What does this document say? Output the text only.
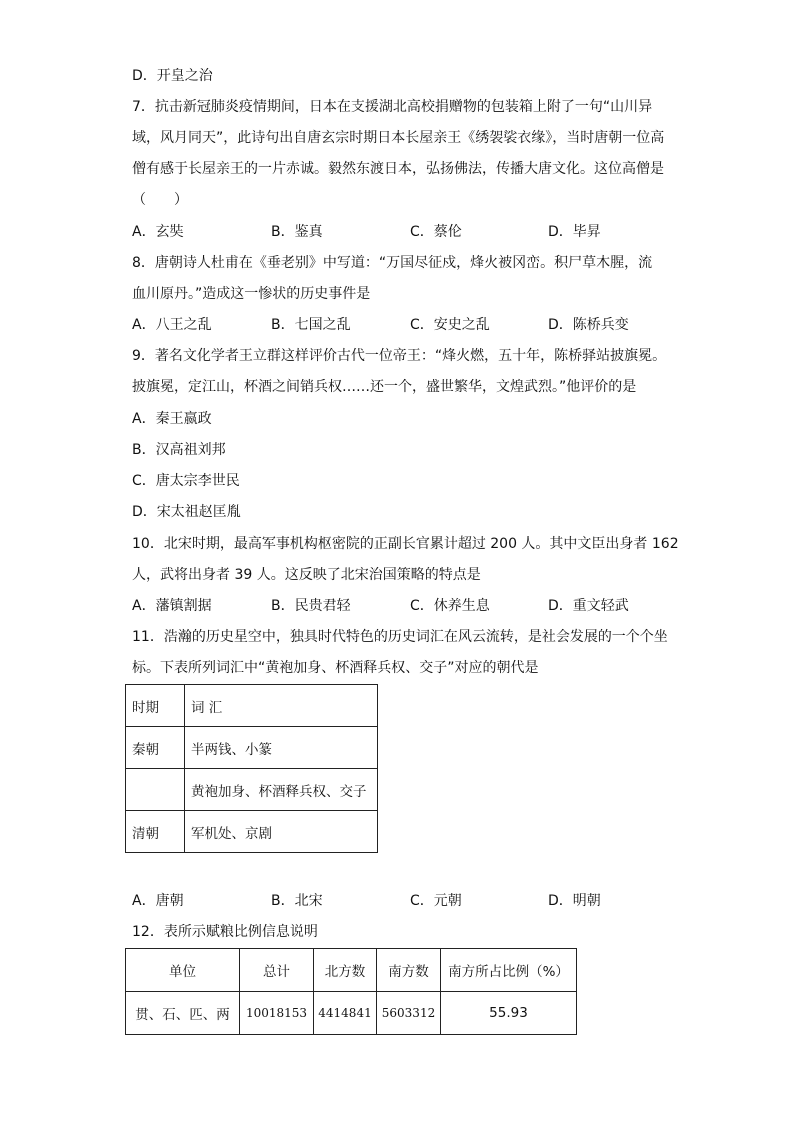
D．开皇之治
7．抗击新冠肺炎疫情期间，日本在支援湖北高校捐赠物的包装箱上附了一句“山川异
域，风月同天”，此诗句出自唐玄宗时期日本长屋亲王《绣袈裟衣缘》，当时唐朝一位高
僧有感于长屋亲王的一片赤诚。毅然东渡日本，弘扬佛法，传播大唐文化。这位高僧是
（　　）
A．玄奘	B．鉴真	C．蔡伦	D．毕昇
8．唐朝诗人杜甫在《垂老别》中写道：“万国尽征戍，烽火被冈峦。积尸草木腥，流
血川原丹。”造成这一惨状的历史事件是
A．八王之乱	B．七国之乱	C．安史之乱	D．陈桥兵变
9．著名文化学者王立群这样评价古代一位帝王：“烽火燃，五十年，陈桥驿站披旗冕。
披旗冕，定江山，杯酒之间销兵权……还一个，盛世繁华，文煌武烈。”他评价的是
A．秦王嬴政
B．汉高祖刘邦
C．唐太宗李世民
D．宋太祖赵匡胤
10．北宋时期，最高军事机构枢密院的正副长官累计超过 200 人。其中文臣出身者 162
人，武将出身者 39 人。这反映了北宋治国策略的特点是
A．藩镇割据	B．民贵君轻	C．休养生息	D．重文轻武
11．浩瀚的历史星空中，独具时代特色的历史词汇在风云流转，是社会发展的一个个坐
标。下表所列词汇中“黄袍加身、杯酒释兵权、交子”对应的朝代是
时期	词 汇
秦朝	半两钱、小篆
	黄袍加身、杯酒释兵权、交子
清朝	军机处、京剧
A．唐朝	B．北宋	C．元朝	D．明朝
12．表所示赋粮比例信息说明
单位	总计	北方数	南方数	南方所占比例（%）
贯、石、匹、两	10018153	4414841	5603312	55.93
